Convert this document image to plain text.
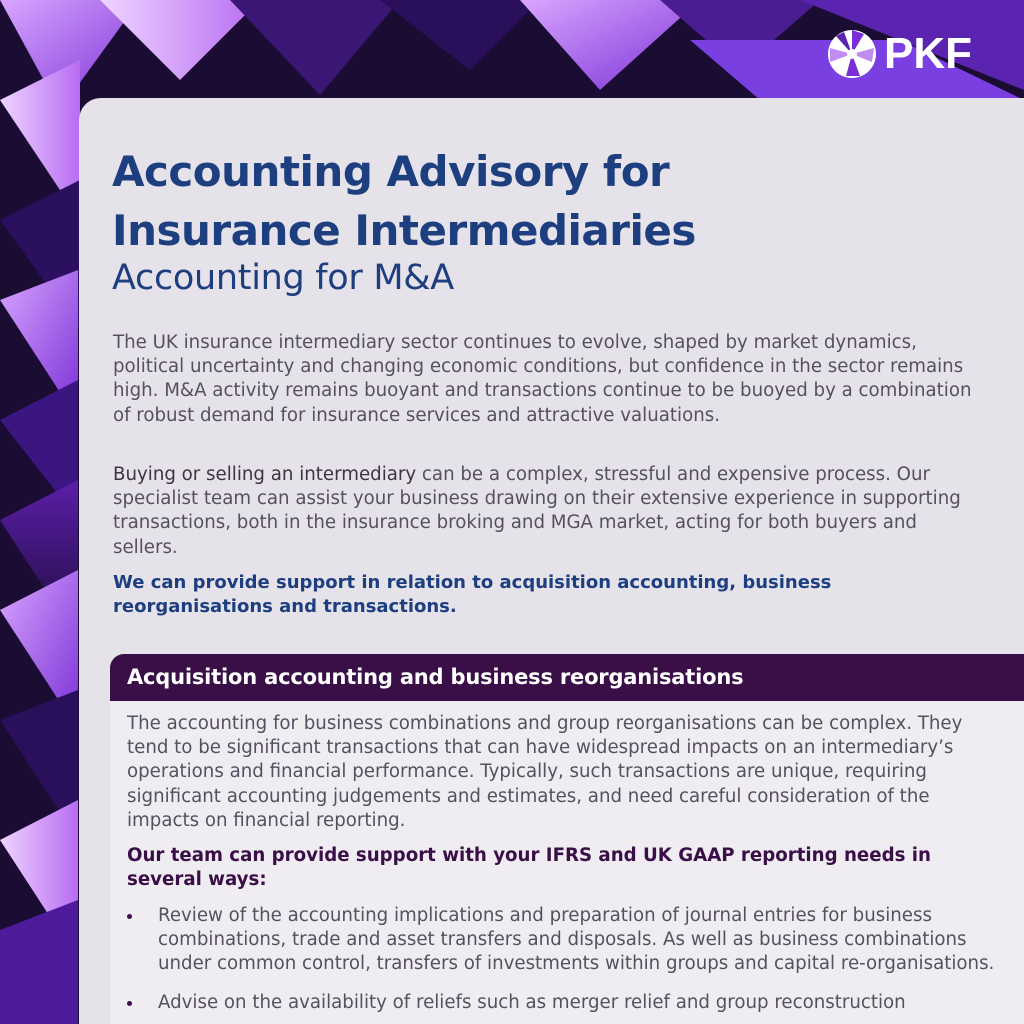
PKF
Accounting Advisory for
Insurance Intermediaries
Accounting for M&A

The UK insurance intermediary sector continues to evolve, shaped by market dynamics, political uncertainty and changing economic conditions, but confidence in the sector remains high. M&A activity remains buoyant and transactions continue to be buoyed by a combination of robust demand for insurance services and attractive valuations.

Buying or selling an intermediary can be a complex, stressful and expensive process. Our specialist team can assist your business drawing on their extensive experience in supporting transactions, both in the insurance broking and MGA market, acting for both buyers and sellers.

We can provide support in relation to acquisition accounting, business reorganisations and transactions.

Acquisition accounting and business reorganisations

The accounting for business combinations and group reorganisations can be complex. They tend to be significant transactions that can have widespread impacts on an intermediary’s operations and financial performance. Typically, such transactions are unique, requiring significant accounting judgements and estimates, and need careful consideration of the impacts on financial reporting.

Our team can provide support with your IFRS and UK GAAP reporting needs in several ways:

Review of the accounting implications and preparation of journal entries for business combinations, trade and asset transfers and disposals. As well as business combinations under common control, transfers of investments within groups and capital re-organisations.
Advise on the availability of reliefs such as merger relief and group reconstruction
